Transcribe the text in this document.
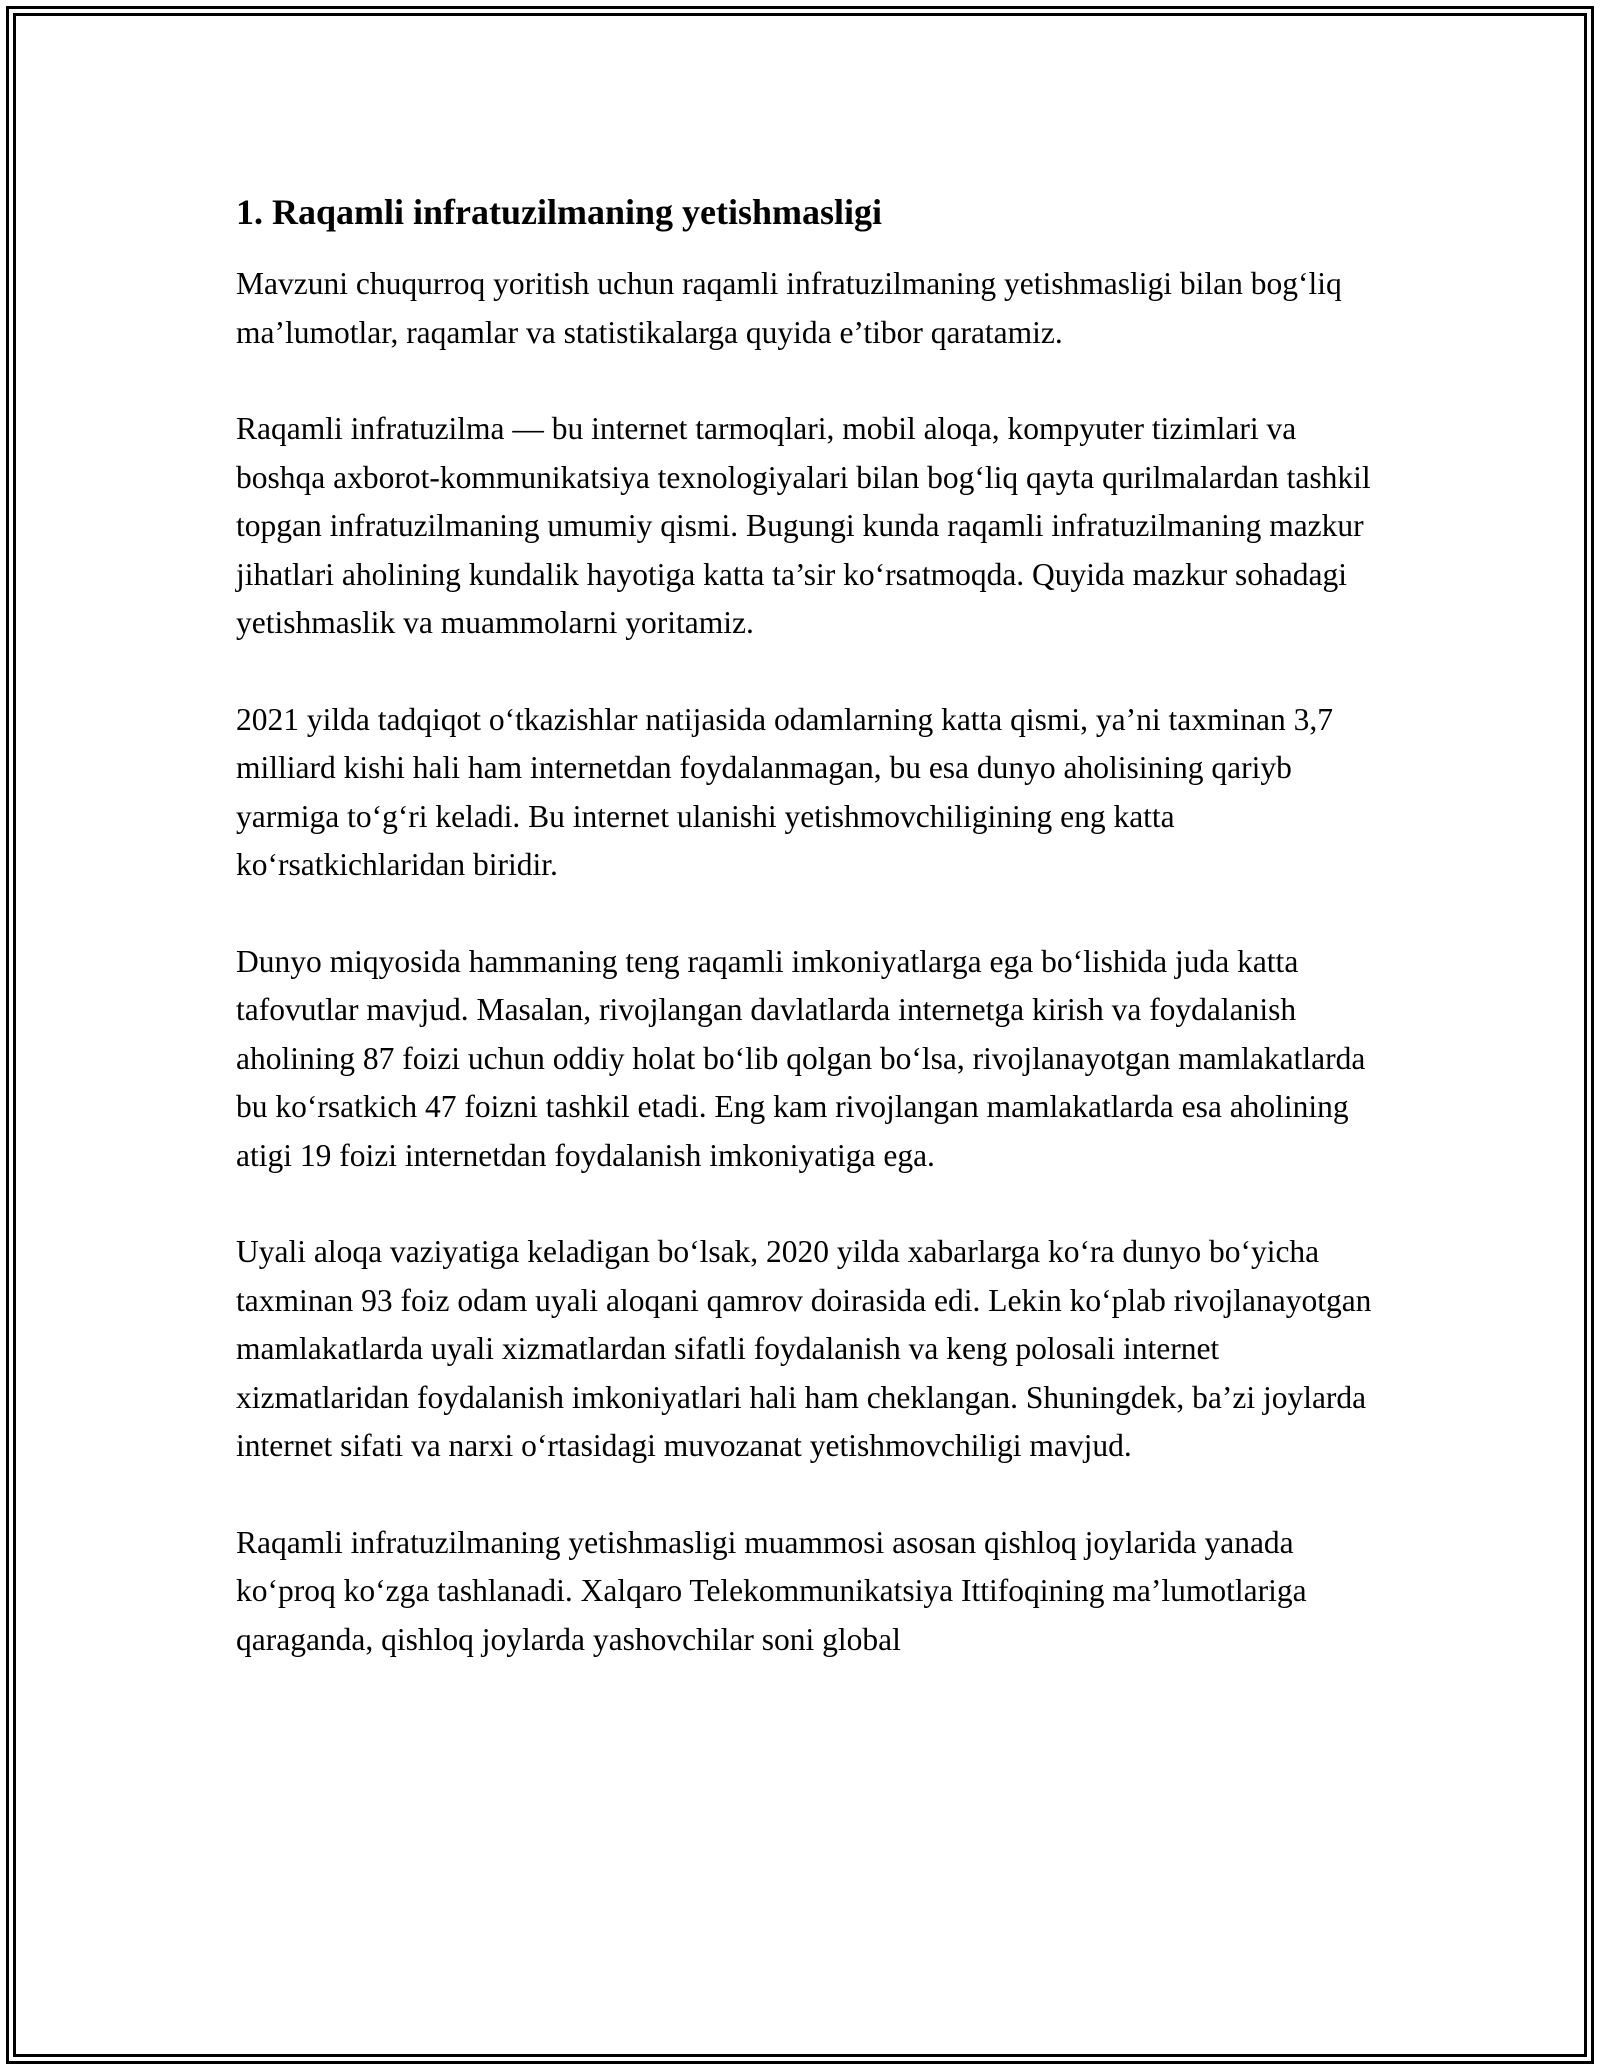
1. Raqamli infratuzilmaning yetishmasligi

Mavzuni chuqurroq yoritish uchun raqamli infratuzilmaning yetishmasligi bilan bog‘liq ma’lumotlar, raqamlar va statistikalarga quyida e’tibor qaratamiz.

Raqamli infratuzilma — bu internet tarmoqlari, mobil aloqa, kompyuter tizimlari va boshqa axborot-kommunikatsiya texnologiyalari bilan bog‘liq qayta qurilmalardan tashkil topgan infratuzilmaning umumiy qismi. Bugungi kunda raqamli infratuzilmaning mazkur jihatlari aholining kundalik hayotiga katta ta’sir ko‘rsatmoqda. Quyida mazkur sohadagi yetishmaslik va muammolarni yoritamiz.

2021 yilda tadqiqot o‘tkazishlar natijasida odamlarning katta qismi, ya’ni taxminan 3,7 milliard kishi hali ham internetdan foydalanmagan, bu esa dunyo aholisining qariyb yarmiga to‘g‘ri keladi. Bu internet ulanishi yetishmovchiligining eng katta ko‘rsatkichlaridan biridir.

Dunyo miqyosida hammaning teng raqamli imkoniyatlarga ega bo‘lishida juda katta tafovutlar mavjud. Masalan, rivojlangan davlatlarda internetga kirish va foydalanish aholining 87 foizi uchun oddiy holat bo‘lib qolgan bo‘lsa, rivojlanayotgan mamlakatlarda bu ko‘rsatkich 47 foizni tashkil etadi. Eng kam rivojlangan mamlakatlarda esa aholining atigi 19 foizi internetdan foydalanish imkoniyatiga ega.

Uyali aloqa vaziyatiga keladigan bo‘lsak, 2020 yilda xabarlarga ko‘ra dunyo bo‘yicha taxminan 93 foiz odam uyali aloqani qamrov doirasida edi. Lekin ko‘plab rivojlanayotgan mamlakatlarda uyali xizmatlardan sifatli foydalanish va keng polosali internet xizmatlaridan foydalanish imkoniyatlari hali ham cheklangan. Shuningdek, ba’zi joylarda internet sifati va narxi o‘rtasidagi muvozanat yetishmovchiligi mavjud.

Raqamli infratuzilmaning yetishmasligi muammosi asosan qishloq joylarida yanada ko‘proq ko‘zga tashlanadi. Xalqaro Telekommunikatsiya Ittifoqining ma’lumotlariga qaraganda, qishloq joylarda yashovchilar soni global
